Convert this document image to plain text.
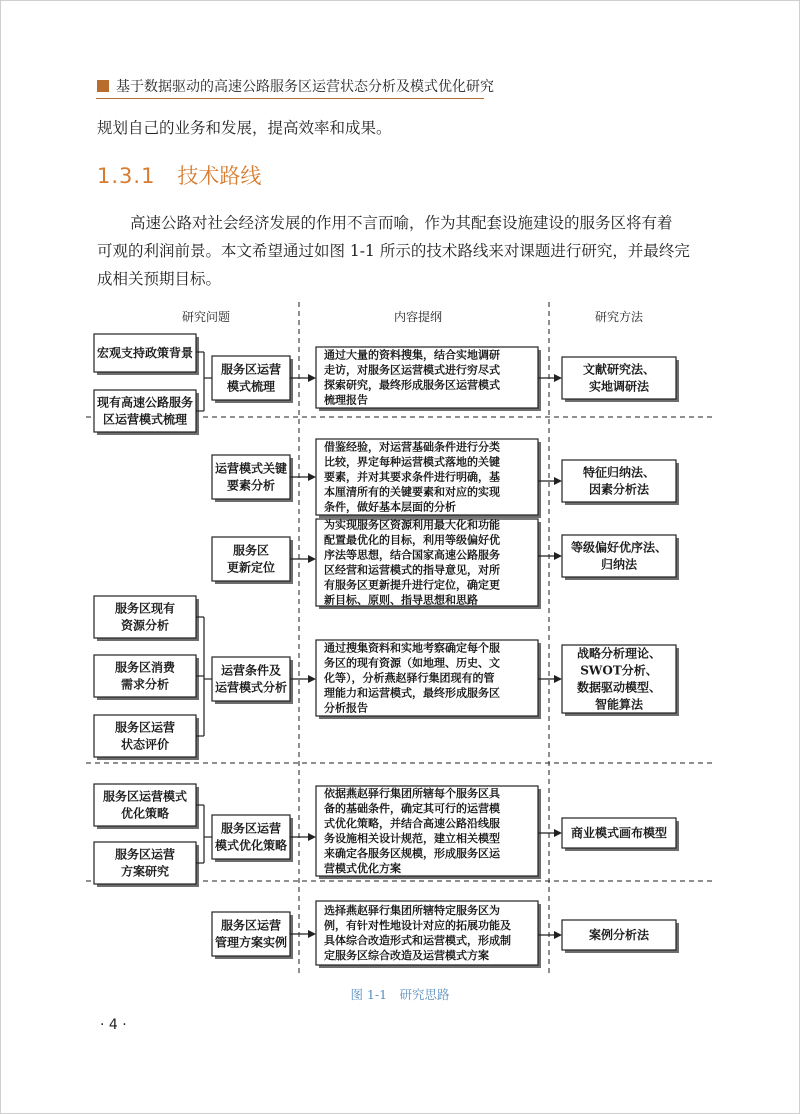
基于数据驱动的高速公路服务区运营状态分析及模式优化研究
规划自己的业务和发展，提高效率和成果。
1.3.1 技术路线
高速公路对社会经济发展的作用不言而喻，作为其配套设施建设的服务区将有着
可观的利润前景。本文希望通过如图 1-1 所示的技术路线来对课题进行研究，并最终完
成相关预期目标。
研究问题	内容提纲	研究方法
宏观支持政策背景
现有高速公路服务
区运营模式梳理
服务区现有
资源分析
服务区消费
需求分析
服务区运营
状态评价
服务区运营模式
优化策略
服务区运营
方案研究
服务区运营
模式梳理
运营模式关键
要素分析
服务区
更新定位
运营条件及
运营模式分析
服务区运营
模式优化策略
服务区运营
管理方案实例
通过大量的资料搜集，结合实地调研
走访，对服务区运营模式进行穷尽式
探索研究，最终形成服务区运营模式
梳理报告
借鉴经验，对运营基础条件进行分类
比较，界定每种运营模式落地的关键
要素，并对其要求条件进行明确，基
本厘清所有的关键要素和对应的实现
条件，做好基本层面的分析
为实现服务区资源利用最大化和功能
配置最优化的目标，利用等级偏好优
序法等思想，结合国家高速公路服务
区经营和运营模式的指导意见，对所
有服务区更新提升进行定位，确定更
新目标、原则、指导思想和思路
通过搜集资料和实地考察确定每个服
务区的现有资源（如地理、历史、文
化等），分析燕赵驿行集团现有的管
理能力和运营模式，最终形成服务区
分析报告
依据燕赵驿行集团所辖每个服务区具
备的基础条件，确定其可行的运营模
式优化策略，并结合高速公路沿线服
务设施相关设计规范，建立相关模型
来确定各服务区规模，形成服务区运
营模式优化方案
选择燕赵驿行集团所辖特定服务区为
例，有针对性地设计对应的拓展功能及
具体综合改造形式和运营模式，形成制
定服务区综合改造及运营模式方案
文献研究法、
实地调研法
特征归纳法、
因素分析法
等级偏好优序法、
归纳法
战略分析理论、
SWOT分析、
数据驱动模型、
智能算法
商业模式画布模型
案例分析法
图 1-1　研究思路
· 4 ·
